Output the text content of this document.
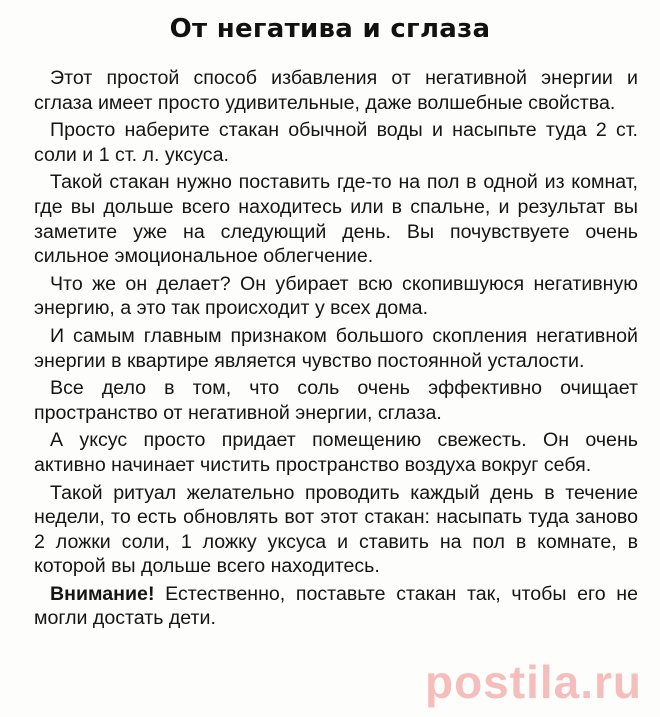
От негатива и сглаза

Этот простой способ избавления от негативной энергии и сглаза имеет просто удивительные, даже волшебные свойства.

Просто наберите стакан обычной воды и насыпьте туда 2 ст. соли и 1 ст. л. уксуса.

Такой стакан нужно поставить где-то на пол в одной из комнат, где вы дольше всего находитесь или в спальне, и результат вы заметите уже на следующий день. Вы почувствуете очень сильное эмоциональное облегчение.

Что же он делает? Он убирает всю скопившуюся негативную энергию, а это так происходит у всех дома.

И самым главным признаком большого скопления негативной энергии в квартире является чувство постоянной усталости.

Все дело в том, что соль очень эффективно очищает пространство от негативной энергии, сглаза.

А уксус просто придает помещению свежесть. Он очень активно начинает чистить пространство воздуха вокруг себя.

Такой ритуал желательно проводить каждый день в течение недели, то есть обновлять вот этот стакан: насыпать туда заново 2 ложки соли, 1 ложку уксуса и ставить на пол в комнате, в которой вы дольше всего находитесь.

Внимание! Естественно, поставьте стакан так, чтобы его не могли достать дети.

postila.ru
